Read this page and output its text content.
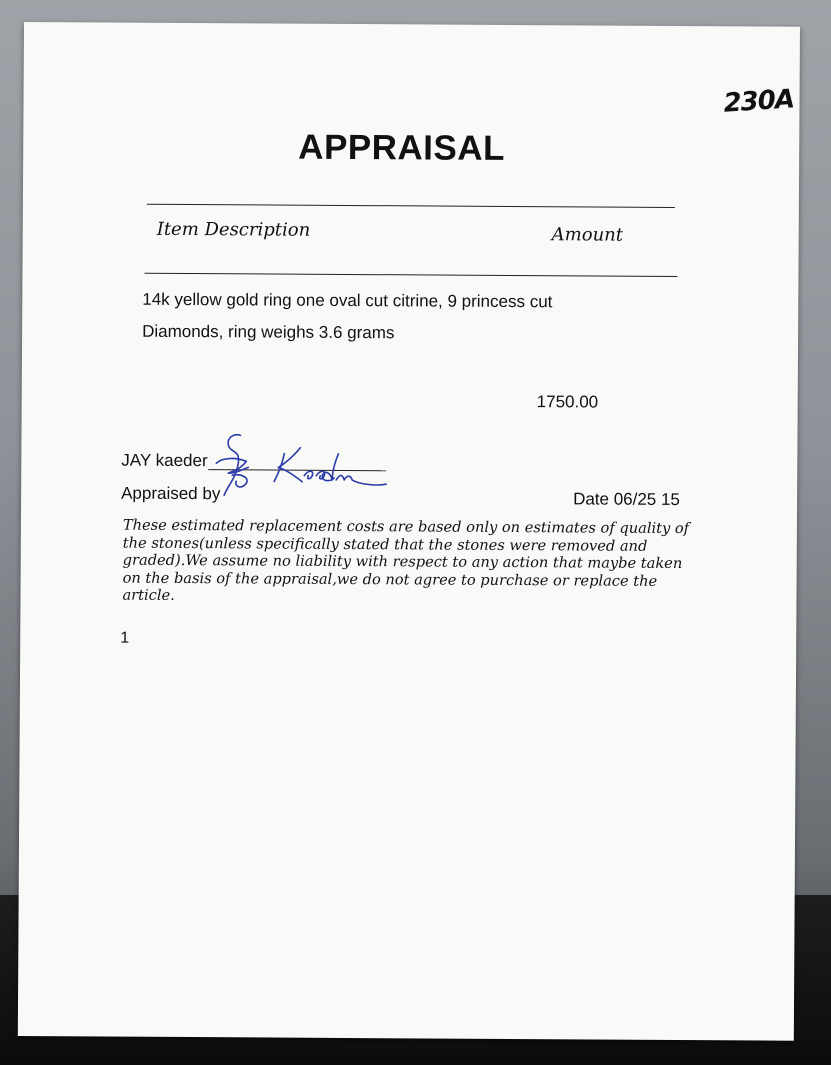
230A
APPRAISAL
Item Description	Amount
14k yellow gold ring one oval cut citrine, 9 princess cut
Diamonds, ring weighs 3.6 grams
1750.00
JAY kaeder
Appraised by	Date 06/25 15
These estimated replacement costs are based only on estimates of quality of the stones(unless specifically stated that the stones were removed and graded).We assume no liability with respect to any action that maybe taken on the basis of the appraisal,we do not agree to purchase or replace the article.
1
